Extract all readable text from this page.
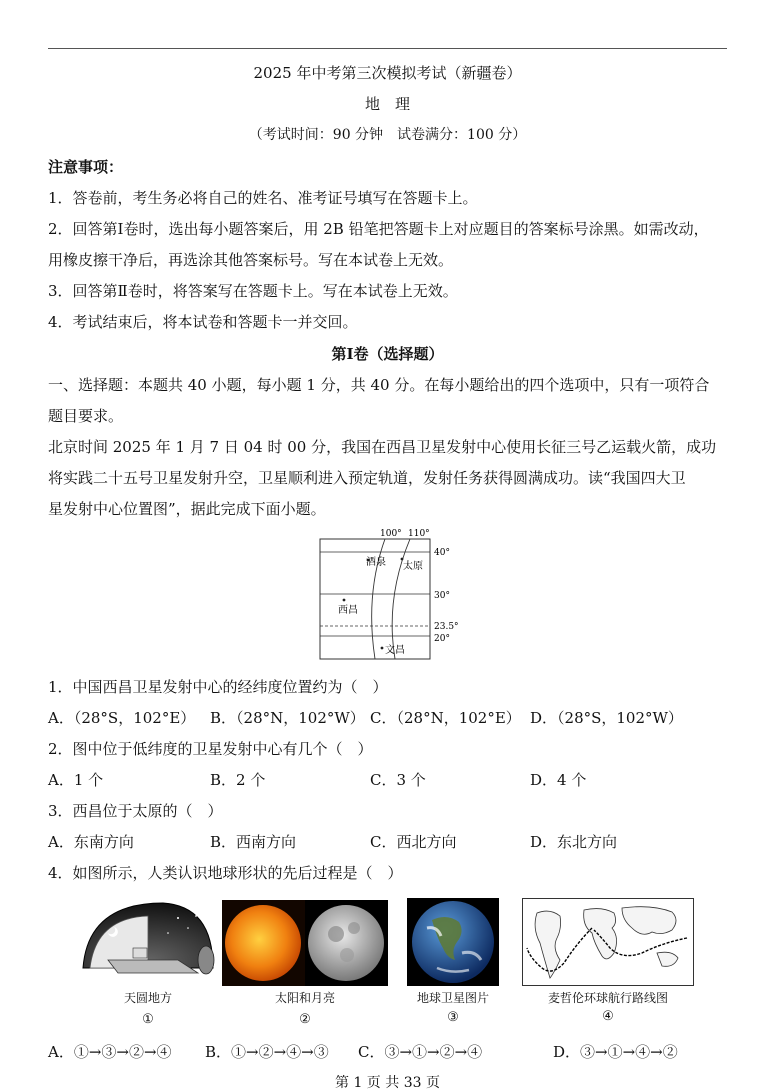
2025 年中考第三次模拟考试（新疆卷）
地　理
（考试时间：90 分钟　试卷满分：100 分）
注意事项：
1．答卷前，考生务必将自己的姓名、准考证号填写在答题卡上。
2．回答第Ⅰ卷时，选出每小题答案后，用 2B 铅笔把答题卡上对应题目的答案标号涂黑。如需改动，
用橡皮擦干净后，再选涂其他答案标号。写在本试卷上无效。
3．回答第Ⅱ卷时，将答案写在答题卡上。写在本试卷上无效。
4．考试结束后，将本试卷和答题卡一并交回。
第Ⅰ卷（选择题）
一、选择题：本题共 40 小题，每小题 1 分，共 40 分。在每小题给出的四个选项中，只有一项符合
题目要求。
北京时间 2025 年 1 月 7 日 04 时 00 分，我国在西昌卫星发射中心使用长征三号乙运载火箭，成功
将实践二十五号卫星发射升空，卫星顺利进入预定轨道，发射任务获得圆满成功。读“我国四大卫
星发射中心位置图”，据此完成下面小题。
100° 110°
40°
30°
23.5°
20°
酒泉 太原
西昌
文昌
1．中国西昌卫星发射中心的经纬度位置约为（　）
A．（28°S，102°E） B．（28°N，102°W） C．（28°N，102°E） D．（28°S，102°W）
2．图中位于低纬度的卫星发射中心有几个（　）
A．1 个	B．2 个	C．3 个	D．4 个
3．西昌位于太原的（　）
A．东南方向	B．西南方向	C．西北方向	D．东北方向
4．如图所示，人类认识地球形状的先后过程是（　）
天圆地方	太阳和月亮	地球卫星图片	麦哲伦环球航行路线图
①	②	③	④
A．①→③→②→④ B．①→②→④→③ C．③→①→②→④	D．③→①→④→②
第 1 页 共 33 页
